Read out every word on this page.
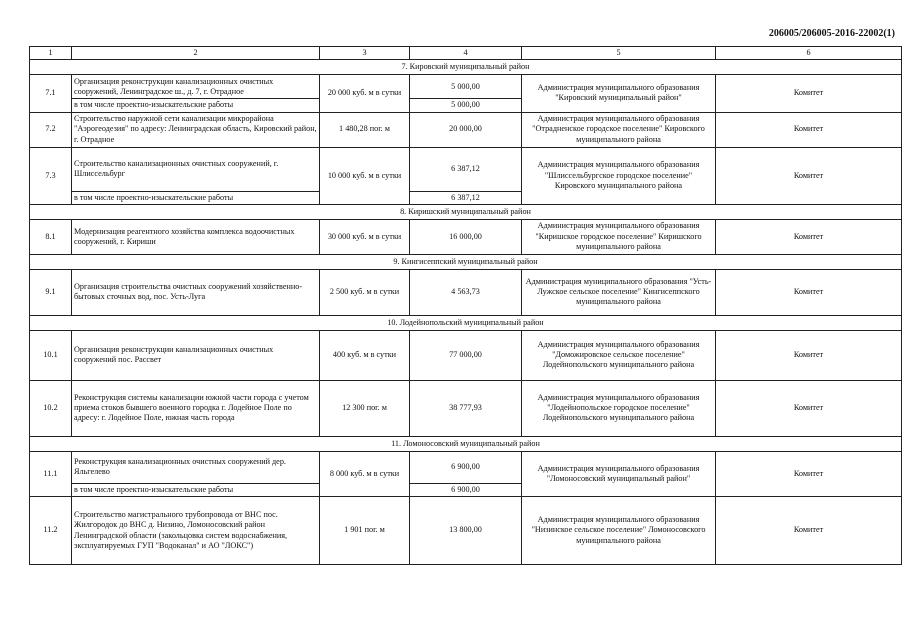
206005/206005-2016-22002(1)
1	2	3	4	5	6
7. Кировский муниципальный район					
7.1	Организация реконструкции канализационных очистных сооружений, Ленинградское ш., д. 7, г. Отрадное	20 000 куб. м в сутки	5 000,00	Администрация муниципального образования "Кировский муниципальный район"	Комитет
	в том числе проектно-изыскательские работы		5 000,00		
7.2	Строительство наружной сети канализации микрорайона "Аэрогеодезия" по адресу: Ленинградская область, Кировский район, г. Отрадное	1 480,28 пог. м	20 000,00	Администрация муниципального образования "Отрадненское городское поселение" Кировского муниципального района	Комитет
7.3	Строительство канализационных очистных сооружений, г. Шлиссельбург	10 000 куб. м в сутки	6 387,12	Администрация муниципального образования "Шлиссельбургское городское поселение" Кировского муниципального района	Комитет
	в том числе проектно-изыскательские работы		6 387,12		
8. Киришский муниципальный район					
8.1	Модернизация реагентного хозяйства комплекса водоочистных сооружений, г. Кириши	30 000 куб. м в сутки	16 000,00	Администрация муниципального образования "Киришское городское поселение" Киришского муниципального района	Комитет
9. Кингисеппский муниципальный район					
9.1	Организация строительства очистных сооружений хозяйственно-бытовых сточных вод, пос. Усть-Луга	2 500 куб. м в сутки	4 563,73	Администрация муниципального образования "Усть-Лужское сельское поселение" Кингисеппского муниципального района	Комитет
10. Лодейнопольский муниципальный район					
10.1	Организация реконструкции канализационных очистных сооружений пос. Рассвет	400 куб. м в сутки	77 000,00	Администрация муниципального образования "Доможировское сельское поселение" Лодейнопольского муниципального района	Комитет
10.2	Реконструкция системы канализации южной части города с учетом приема стоков бывшего военного городка г. Лодейное Поле по адресу: г. Лодейное Поле, южная часть города	12 300 пог. м	38 777,93	Администрация муниципального образования "Лодейнопольское городское поселение" Лодейнопольского муниципального района	Комитет
11. Ломоносовский муниципальный район					
11.1	Реконструкция канализационных очистных сооружений дер. Яльгелево	8 000 куб. м в сутки	6 900,00	Администрация муниципального образования "Ломоносовский муниципальный район"	Комитет
	в том числе проектно-изыскательские работы		6 900,00		
11.2	Строительство магистрального трубопровода от ВНС пос. Жилгородок до ВНС д. Низино, Ломоносовский район Ленинградской области (закольцовка систем водоснабжения, эксплуатируемых ГУП "Водоканал" и АО "ЛОКС")	1 901 пог. м	13 800,00	Администрация муниципального образования "Низинское сельское поселение" Ломоносовского муниципального района	Комитет
